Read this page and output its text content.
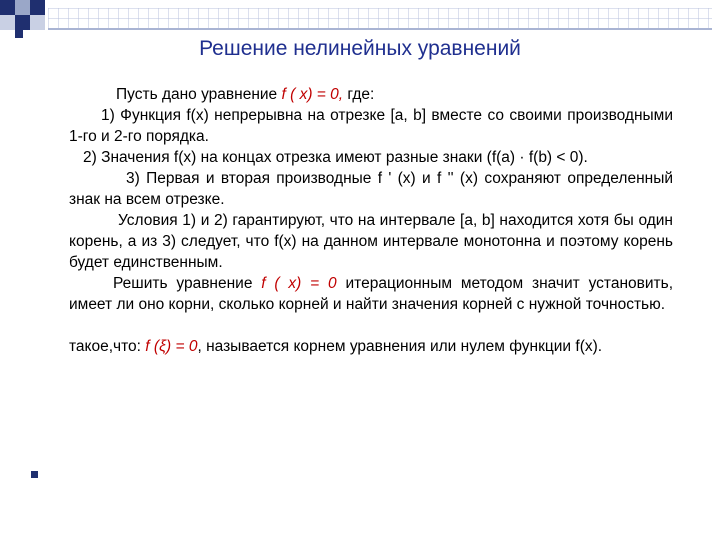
Решение нелинейных уравнений

Пусть дано уравнение f ( x) = 0, где:

1) Функция f(x) непрерывна на отрезке [a, b] вместе со своими производными 1-го и 2-го порядка.

2) Значения f(x) на концах отрезка имеют разные знаки (f(a) · f(b) < 0).

3) Первая и вторая производные f ' (x) и f '' (x) сохраняют определенный знак на всем отрезке.

Условия 1) и 2) гарантируют, что на интервале [a, b] находится хотя бы один корень, а из 3) следует, что f(x) на данном интервале монотонна и поэтому корень будет единственным.

Решить уравнение f ( x) = 0 итерационным методом значит установить, имеет ли оно корни, сколько корней и найти значения корней с нужной точностью.

такое,что: f (ξ) = 0, называется корнем уравнения или нулем функции f(x).
